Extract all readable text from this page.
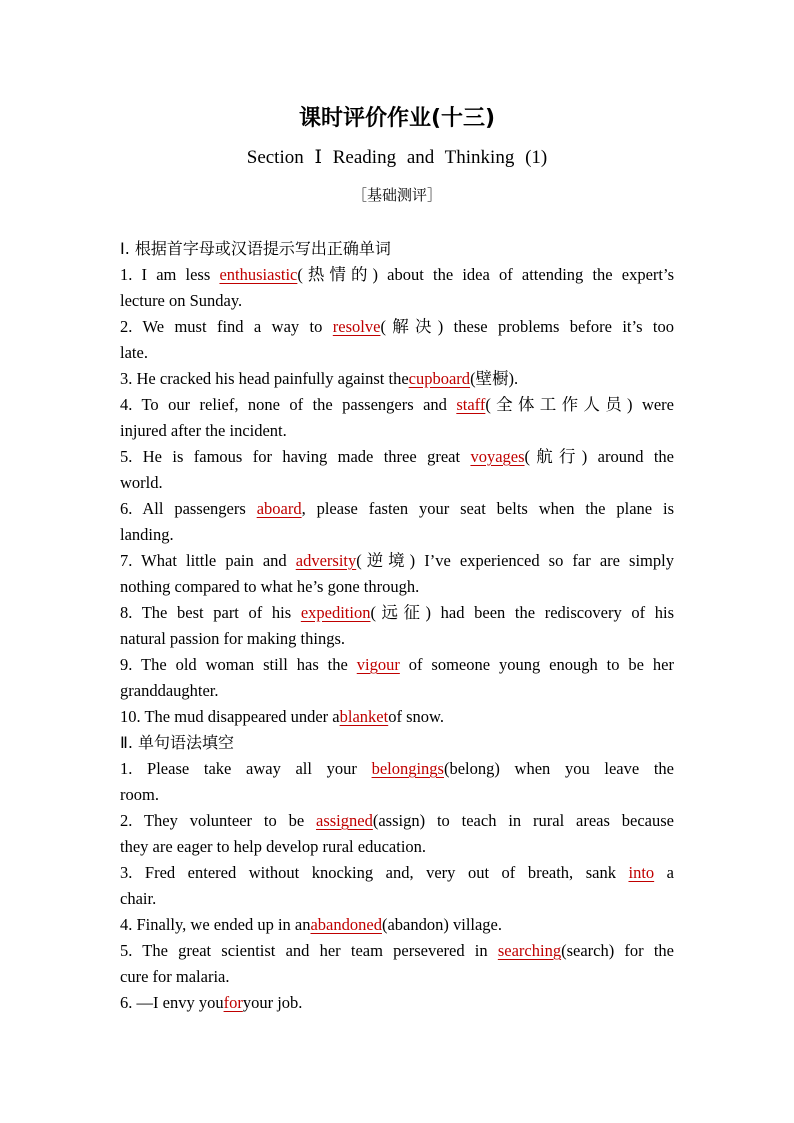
课时评价作业(十三)
Section Ⅰ Reading and Thinking (1)
［基础测评］
Ⅰ. 根据首字母或汉语提示写出正确单词
1. I am less enthusiastic(热情的) about the idea of attending the expert’s
lecture on Sunday.
2. We must find a way to resolve(解决) these problems before it’s too
late.
3. He cracked his head painfully against the cupboard (壁橱).
4. To our relief, none of the passengers and staff(全体工作人员) were
injured after the incident.
5. He is famous for having made three great voyages(航行) around the
world.
6. All passengers aboard, please fasten your seat belts when the plane is
landing.
7. What little pain and adversity(逆境) I’ve experienced so far are simply
nothing compared to what he’s gone through.
8. The best part of his expedition(远征) had been the rediscovery of his
natural passion for making things.
9. The old woman still has the vigour of someone young enough to be her
granddaughter.
10. The mud disappeared under a blanket of snow.
Ⅱ. 单句语法填空
1. Please take away all your belongings(belong) when you leave the
room.
2. They volunteer to be assigned(assign) to teach in rural areas because
they are eager to help develop rural education.
3. Fred entered without knocking and, very out of breath, sank into a
chair.
4. Finally, we ended up in an abandoned (abandon) village.
5. The great scientist and her team persevered in searching(search) for the
cure for malaria.
6. —I envy you for your job.
